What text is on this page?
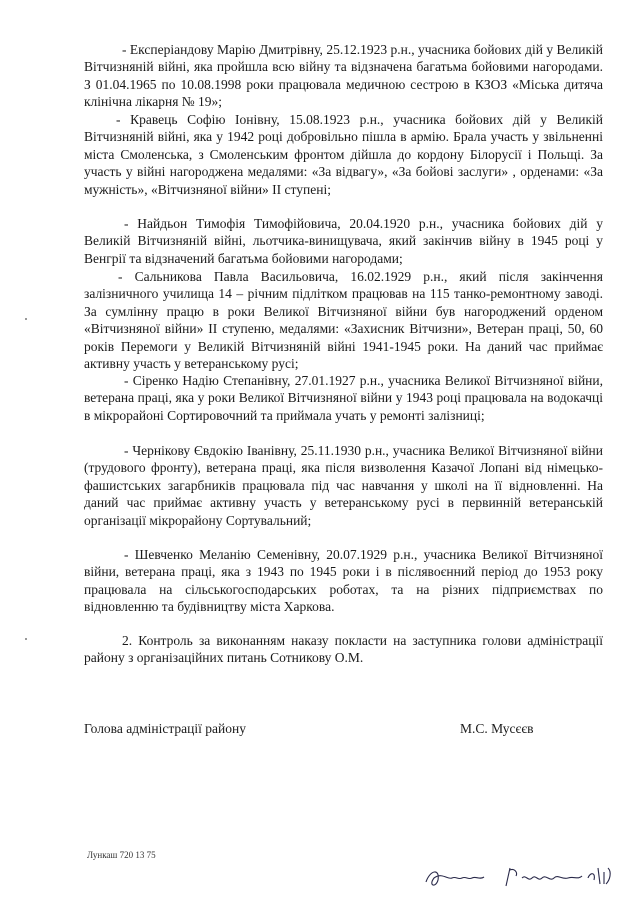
- Експеріандову Марію Дмитрівну, 25.12.1923 р.н., учасника бойових дій у Великій Вітчизняній війні, яка пройшла всю війну та відзначена багатьма бойовими нагородами. З 01.04.1965 по 10.08.1998 роки працювала медичною сестрою в КЗОЗ «Міська дитяча клінічна лікарня № 19»;

- Кравець Софію Іонівну, 15.08.1923 р.н., учасника бойових дій у Великій Вітчизняній війні, яка у 1942 році добровільно пішла в армію. Брала участь у звільненні міста Смоленська, з Смоленським фронтом дійшла до кордону Білорусії і Польщі. За участь у війні нагороджена медалями: «За відвагу», «За бойові заслуги» , орденами: «За мужність», «Вітчизняної війни» ІІ ступені;

- Найдьон Тимофія Тимофійовича, 20.04.1920 р.н., учасника бойових дій у Великій Вітчизняній війні, льотчика-винищувача, який закінчив війну в 1945 році у Венгрії та відзначений багатьма бойовими нагородами;

- Сальникова Павла Васильовича, 16.02.1929 р.н., який після закінчення залізничного училища 14 – річним підлітком працював на 115 танко-ремонтному заводі. За сумлінну працю в роки Великої Вітчизняної війни був нагороджений орденом «Вітчизняної війни» ІІ ступеню, медалями: «Захисник Вітчизни», Ветеран праці, 50, 60 років Перемоги у Великій Вітчизняній війні 1941-1945 роки. На даний час приймає активну участь у ветеранському русі;

- Сіренко Надію Степанівну, 27.01.1927 р.н., учасника Великої Вітчизняної війни, ветерана праці, яка у роки Великої Вітчизняної війни у 1943 році працювала на водокачці в мікрорайоні Сортировочний та приймала учать у ремонті залізниці;

- Чернікову Євдокію Іванівну, 25.11.1930 р.н., учасника Великої Вітчизняної війни (трудового фронту), ветерана праці, яка після визволення Казачої Лопані від німецько-фашистських загарбників працювала під час навчання у школі на її відновленні. На даний час приймає активну участь у ветеранському русі в первинній ветеранській організації мікрорайону Сортувальний;

- Шевченко Меланію Семенівну, 20.07.1929 р.н., учасника Великої Вітчизняної війни, ветерана праці, яка з 1943 по 1945 роки і в післявоєнний період до 1953 року працювала на сільськогосподарських роботах, та на різних підприємствах по відновленню та будівництву міста Харкова.

2. Контроль за виконанням наказу покласти на заступника голови адміністрації району з організаційних питань Сотникову О.М.

Голова адміністрації району	М.С. Мусєєв
Лункаш 720 13 75
